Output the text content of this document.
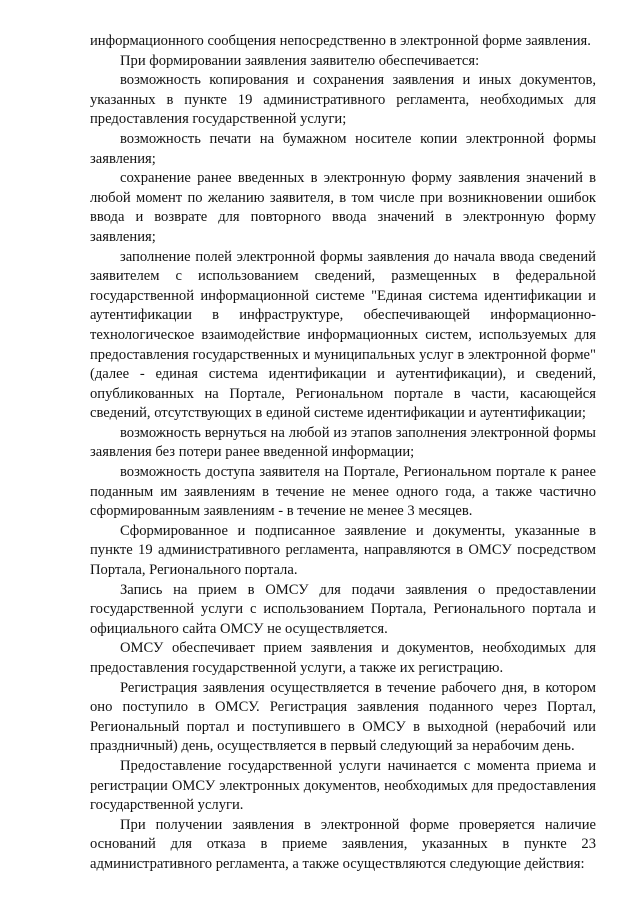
информационного сообщения непосредственно в электронной форме заявления.

При формировании заявления заявителю обеспечивается:

возможность копирования и сохранения заявления и иных документов, указанных в пункте 19 административного регламента, необходимых для предоставления государственной услуги;

возможность печати на бумажном носителе копии электронной формы заявления;

сохранение ранее введенных в электронную форму заявления значений в любой момент по желанию заявителя, в том числе при возникновении ошибок ввода и возврате для повторного ввода значений в электронную форму заявления;

заполнение полей электронной формы заявления до начала ввода сведений заявителем с использованием сведений, размещенных в федеральной государственной информационной системе "Единая система идентификации и аутентификации в инфраструктуре, обеспечивающей информационно-технологическое взаимодействие информационных систем, используемых для предоставления государственных и муниципальных услуг в электронной форме" (далее - единая система идентификации и аутентификации), и сведений, опубликованных на Портале, Региональном портале в части, касающейся сведений, отсутствующих в единой системе идентификации и аутентификации;

возможность вернуться на любой из этапов заполнения электронной формы заявления без потери ранее введенной информации;

возможность доступа заявителя на Портале, Региональном портале к ранее поданным им заявлениям в течение не менее одного года, а также частично сформированным заявлениям - в течение не менее 3 месяцев.

Сформированное и подписанное заявление и документы, указанные в пункте 19 административного регламента, направляются в ОМСУ посредством Портала, Регионального портала.

Запись на прием в ОМСУ для подачи заявления о предоставлении государственной услуги с использованием Портала, Регионального портала и официального сайта ОМСУ не осуществляется.

ОМСУ обеспечивает прием заявления и документов, необходимых для предоставления государственной услуги, а также их регистрацию.

Регистрация заявления осуществляется в течение рабочего дня, в котором оно поступило в ОМСУ. Регистрация заявления поданного через Портал, Региональный портал и поступившего в ОМСУ в выходной (нерабочий или праздничный) день, осуществляется в первый следующий за нерабочим день.

Предоставление государственной услуги начинается с момента приема и регистрации ОМСУ электронных документов, необходимых для предоставления государственной услуги.

При получении заявления в электронной форме проверяется наличие оснований для отказа в приеме заявления, указанных в пункте 23 административного регламента, а также осуществляются следующие действия:
